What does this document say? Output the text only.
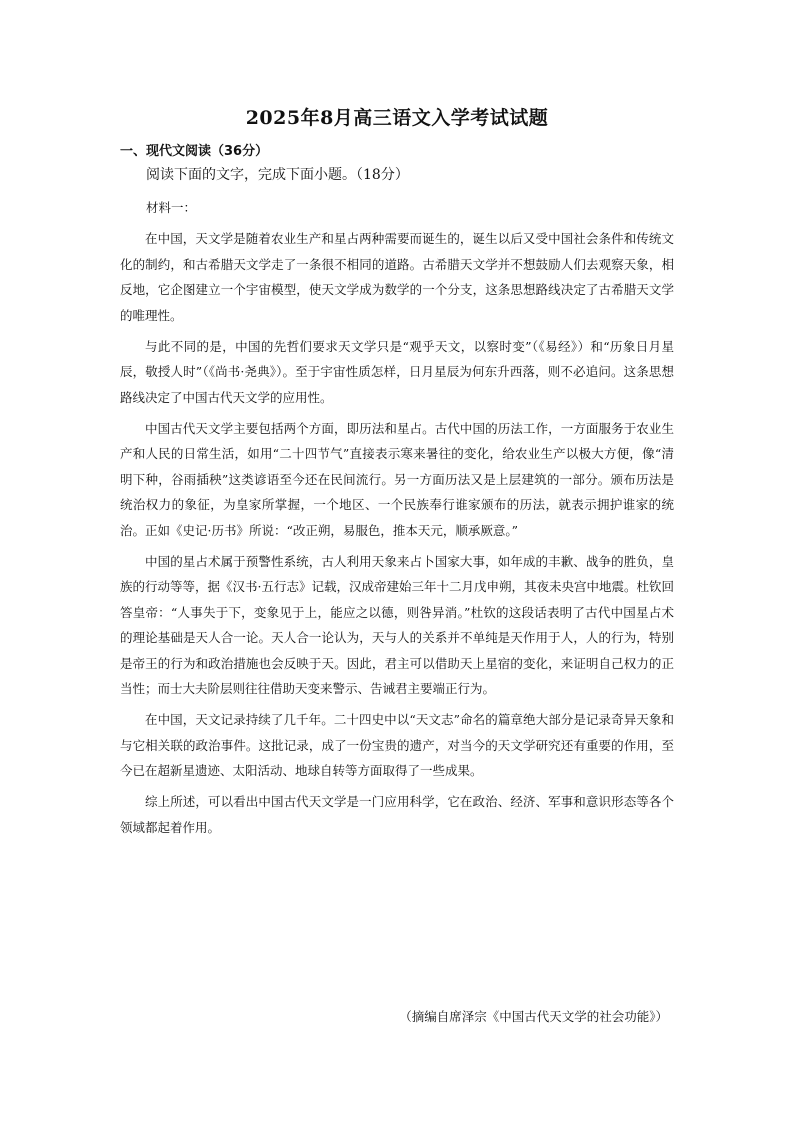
2025年8月高三语文入学考试试题
一、现代文阅读（36分）
阅读下面的文字，完成下面小题。（18分）
材料一：

在中国，天文学是随着农业生产和星占两种需要而诞生的，诞生以后又受中国社会条件和传统文化的制约，和古希腊天文学走了一条很不相同的道路。古希腊天文学并不想鼓励人们去观察天象，相反地，它企图建立一个宇宙模型，使天文学成为数学的一个分支，这条思想路线决定了古希腊天文学的唯理性。

与此不同的是，中国的先哲们要求天文学只是“观乎天文，以察时变”（《易经》）和“历象日月星辰，敬授人时”（《尚书·尧典》）。至于宇宙性质怎样，日月星辰为何东升西落，则不必追问。这条思想路线决定了中国古代天文学的应用性。

中国古代天文学主要包括两个方面，即历法和星占。古代中国的历法工作，一方面服务于农业生产和人民的日常生活，如用“二十四节气”直接表示寒来暑往的变化，给农业生产以极大方便，像“清明下种，谷雨插秧”这类谚语至今还在民间流行。另一方面历法又是上层建筑的一部分。颁布历法是统治权力的象征，为皇家所掌握，一个地区、一个民族奉行谁家颁布的历法，就表示拥护谁家的统治。正如《史记·历书》所说：“改正朔，易服色，推本天元，顺承厥意。”

中国的星占术属于预警性系统，古人利用天象来占卜国家大事，如年成的丰歉、战争的胜负，皇族的行动等等，据《汉书·五行志》记载，汉成帝建始三年十二月戊申朔，其夜未央宫中地震。杜钦回答皇帝：“人事失于下，变象见于上，能应之以德，则咎异消。”杜钦的这段话表明了古代中国星占术的理论基础是天人合一论。天人合一论认为，天与人的关系并不单纯是天作用于人，人的行为，特别是帝王的行为和政治措施也会反映于天。因此，君主可以借助天上星宿的变化，来证明自己权力的正当性；而士大夫阶层则往往借助天变来警示、告诫君主要端正行为。

在中国，天文记录持续了几千年。二十四史中以“天文志”命名的篇章绝大部分是记录奇异天象和与它相关联的政治事件。这批记录，成了一份宝贵的遗产，对当今的天文学研究还有重要的作用，至今已在超新星遗迹、太阳活动、地球自转等方面取得了一些成果。

综上所述，可以看出中国古代天文学是一门应用科学，它在政治、经济、军事和意识形态等各个领域都起着作用。

（摘编自席泽宗《中国古代天文学的社会功能》）
